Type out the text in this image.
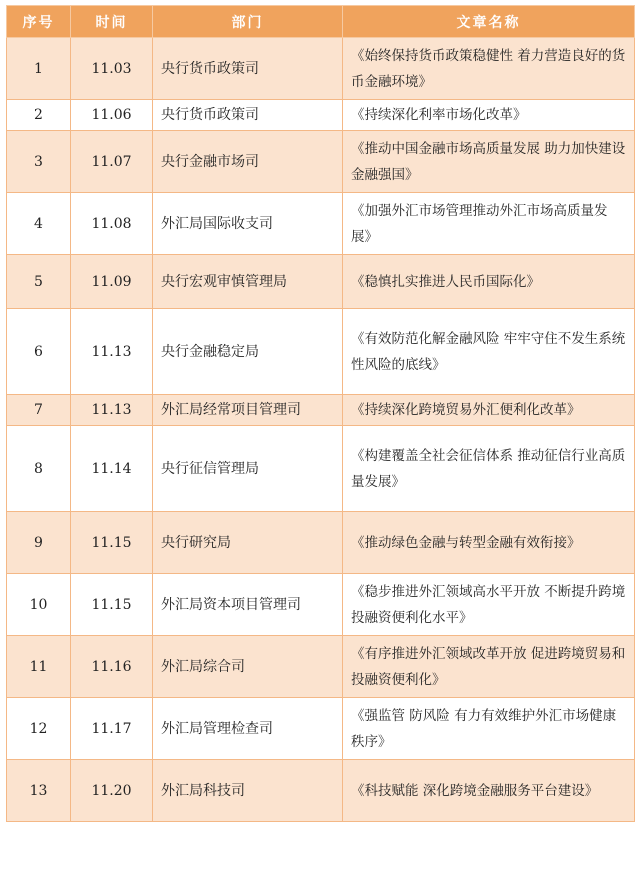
序号	时间	部门	文章名称
1	11.03	央行货币政策司	《始终保持货币政策稳健性 着力营造良好的货币金融环境》
2	11.06	央行货币政策司	《持续深化利率市场化改革》
3	11.07	央行金融市场司	《推动中国金融市场高质量发展 助力加快建设金融强国》
4	11.08	外汇局国际收支司	《加强外汇市场管理推动外汇市场高质量发展》
5	11.09	央行宏观审慎管理局	《稳慎扎实推进人民币国际化》
6	11.13	央行金融稳定局	《有效防范化解金融风险 牢牢守住不发生系统性风险的底线》
7	11.13	外汇局经常项目管理司	《持续深化跨境贸易外汇便利化改革》
8	11.14	央行征信管理局	《构建覆盖全社会征信体系 推动征信行业高质量发展》
9	11.15	央行研究局	《推动绿色金融与转型金融有效衔接》
10	11.15	外汇局资本项目管理司	《稳步推进外汇领域高水平开放 不断提升跨境投融资便利化水平》
11	11.16	外汇局综合司	《有序推进外汇领域改革开放 促进跨境贸易和投融资便利化》
12	11.17	外汇局管理检查司	《强监管 防风险 有力有效维护外汇市场健康秩序》
13	11.20	外汇局科技司	《科技赋能 深化跨境金融服务平台建设》
